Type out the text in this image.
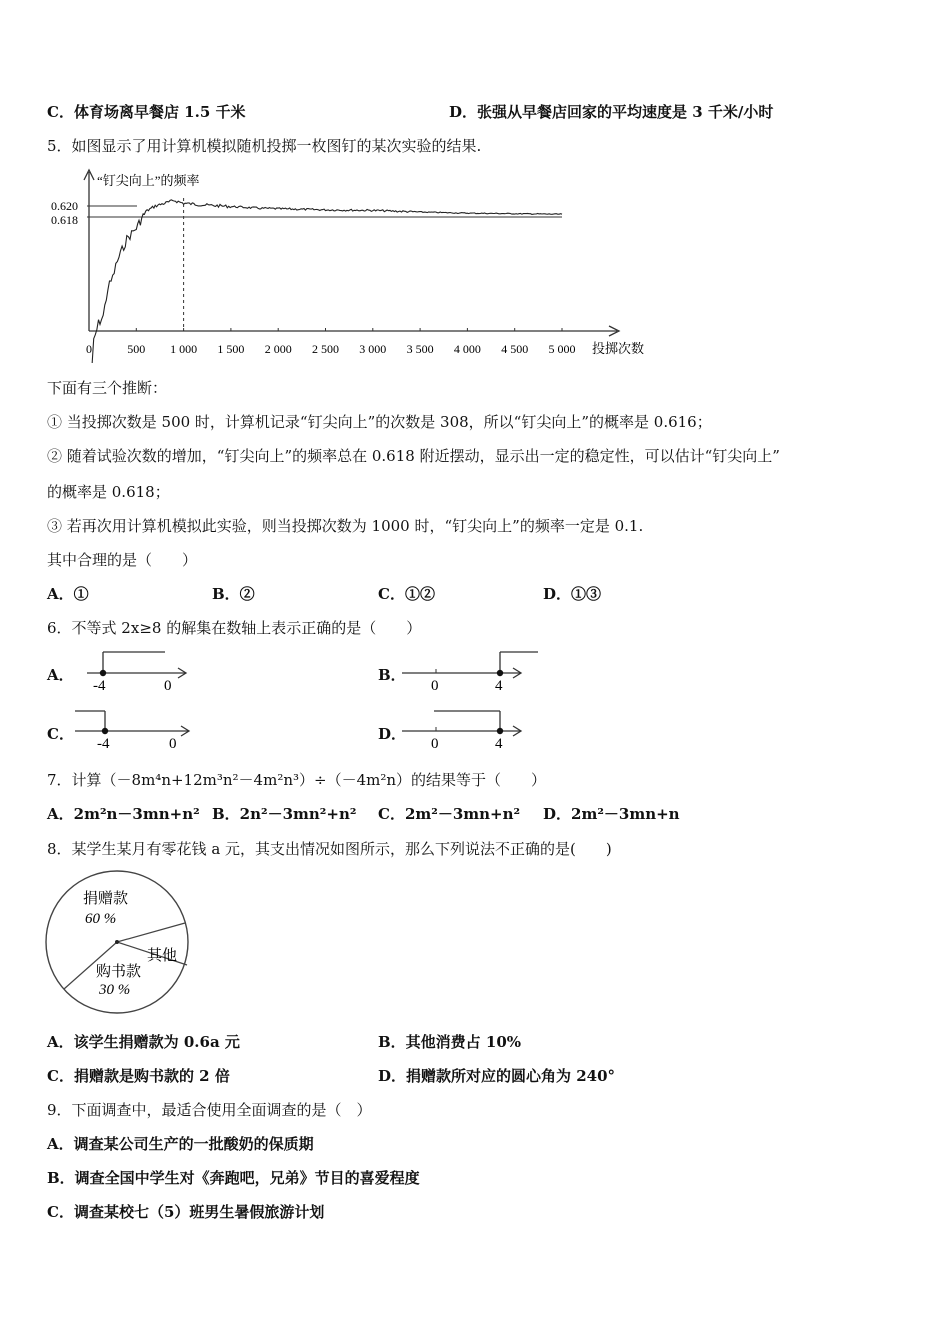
C．体育场离早餐店 1.5 千米	D．张强从早餐店回家的平均速度是 3 千米/小时
5．如图显示了用计算机模拟随机投掷一枚图钉的某次实验的结果.
“钉尖向上”的频率
0.620
0.618
0	500 1 000 1 500 2 000 2 500 3 000 3 500 4 000 4 500 5 000 投掷次数
下面有三个推断：
① 当投掷次数是 500 时，计算机记录“钉尖向上”的次数是 308，所以“钉尖向上”的概率是 0.616；
② 随着试验次数的增加，“钉尖向上”的频率总在 0.618 附近摆动，显示出一定的稳定性，可以估计“钉尖向上”
的概率是 0.618；
③ 若再次用计算机模拟此实验，则当投掷次数为 1000 时，“钉尖向上”的频率一定是 0.1.
其中合理的是（　　）
A．①	B．②	C．①②	D．①③
6．不等式 2x≥8 的解集在数轴上表示正确的是（　　）
A．
-4	0
B．
0	4
C．
-4	0
D．
0	4
7．计算（－8m⁴n+12m³n²－4m²n³）÷（－4m²n）的结果等于（　　）
A．2m²n－3mn+n² B．2n²－3mn²+n² C．2m²－3mn+n² D．2m²－3mn+n
8．某学生某月有零花钱 a 元，其支出情况如图所示，那么下列说法不正确的是(　　)
捐赠款
60 %
其他
购书款
30 %
A．该学生捐赠款为 0.6a 元	B．其他消费占 10%
C．捐赠款是购书款的 2 倍	D．捐赠款所对应的圆心角为 240°
9．下面调查中，最适合使用全面调查的是（　）
A．调查某公司生产的一批酸奶的保质期
B．调查全国中学生对《奔跑吧，兄弟》节目的喜爱程度
C．调查某校七（5）班男生暑假旅游计划
